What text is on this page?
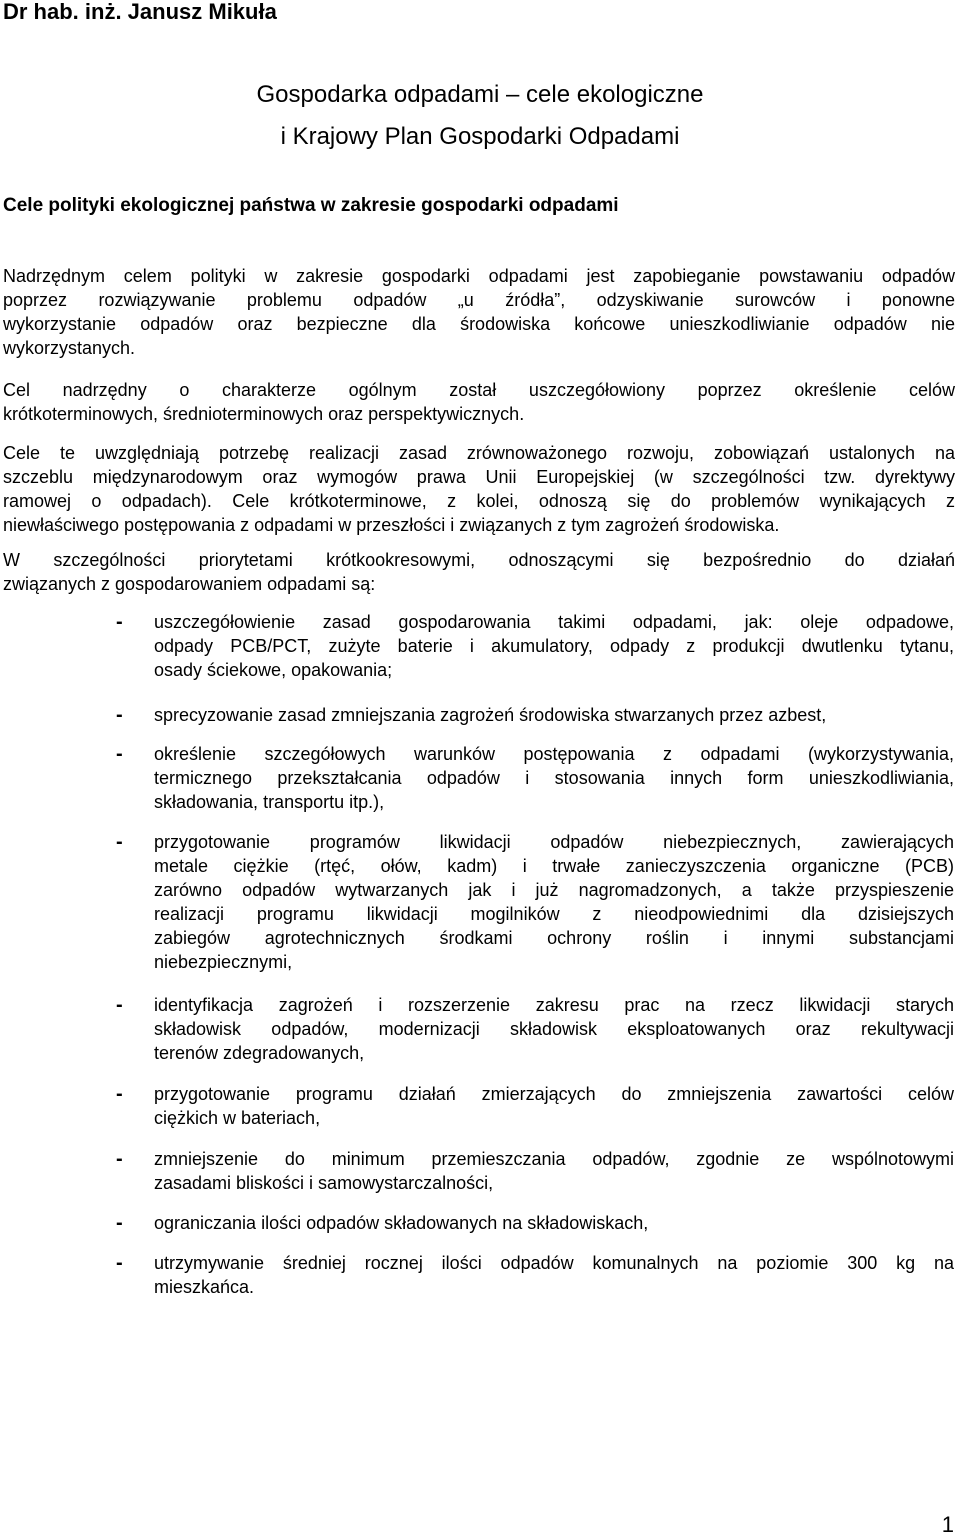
Dr hab. inż. Janusz Mikuła
Gospodarka odpadami – cele ekologiczne
i Krajowy Plan Gospodarki Odpadami
Cele polityki ekologicznej państwa w zakresie gospodarki odpadami
Nadrzędnym celem polityki w zakresie gospodarki odpadami jest zapobieganie powstawaniu odpadów
poprzez rozwiązywanie problemu odpadów „u źródła”, odzyskiwanie surowców i ponowne
wykorzystanie odpadów oraz bezpieczne dla środowiska końcowe unieszkodliwianie odpadów nie
wykorzystanych.
Cel nadrzędny o charakterze ogólnym został uszczegółowiony poprzez określenie celów
krótkoterminowych, średnioterminowych oraz perspektywicznych.
Cele te uwzględniają potrzebę realizacji zasad zrównoważonego rozwoju, zobowiązań ustalonych na
szczeblu międzynarodowym oraz wymogów prawa Unii Europejskiej (w szczególności tzw. dyrektywy
ramowej o odpadach). Cele krótkoterminowe, z kolei, odnoszą się do problemów wynikających z
niewłaściwego postępowania z odpadami w przeszłości i związanych z tym zagrożeń środowiska.
W szczególności priorytetami krótkookresowymi, odnoszącymi się bezpośrednio do działań
związanych z gospodarowaniem odpadami są:
- uszczegółowienie zasad gospodarowania takimi odpadami, jak: oleje odpadowe,
odpady PCB/PCT, zużyte baterie i akumulatory, odpady z produkcji dwutlenku tytanu,
osady ściekowe, opakowania;
- sprecyzowanie zasad zmniejszania zagrożeń środowiska stwarzanych przez azbest,
- określenie szczegółowych warunków postępowania z odpadami (wykorzystywania,
termicznego przekształcania odpadów i stosowania innych form unieszkodliwiania,
składowania, transportu itp.),
- przygotowanie programów likwidacji odpadów niebezpiecznych, zawierających
metale ciężkie (rtęć, ołów, kadm) i trwałe zanieczyszczenia organiczne (PCB)
zarówno odpadów wytwarzanych jak i już nagromadzonych, a także przyspieszenie
realizacji programu likwidacji mogilników z nieodpowiednimi dla dzisiejszych
zabiegów agrotechnicznych środkami ochrony roślin i innymi substancjami
niebezpiecznymi,
- identyfikacja zagrożeń i rozszerzenie zakresu prac na rzecz likwidacji starych
składowisk odpadów, modernizacji składowisk eksploatowanych oraz rekultywacji
terenów zdegradowanych,
- przygotowanie programu działań zmierzających do zmniejszenia zawartości celów
ciężkich w bateriach,
- zmniejszenie do minimum przemieszczania odpadów, zgodnie ze wspólnotowymi
zasadami bliskości i samowystarczalności,
- ograniczania ilości odpadów składowanych na składowiskach,
- utrzymywanie średniej rocznej ilości odpadów komunalnych na poziomie 300 kg na
mieszkańca.
1
